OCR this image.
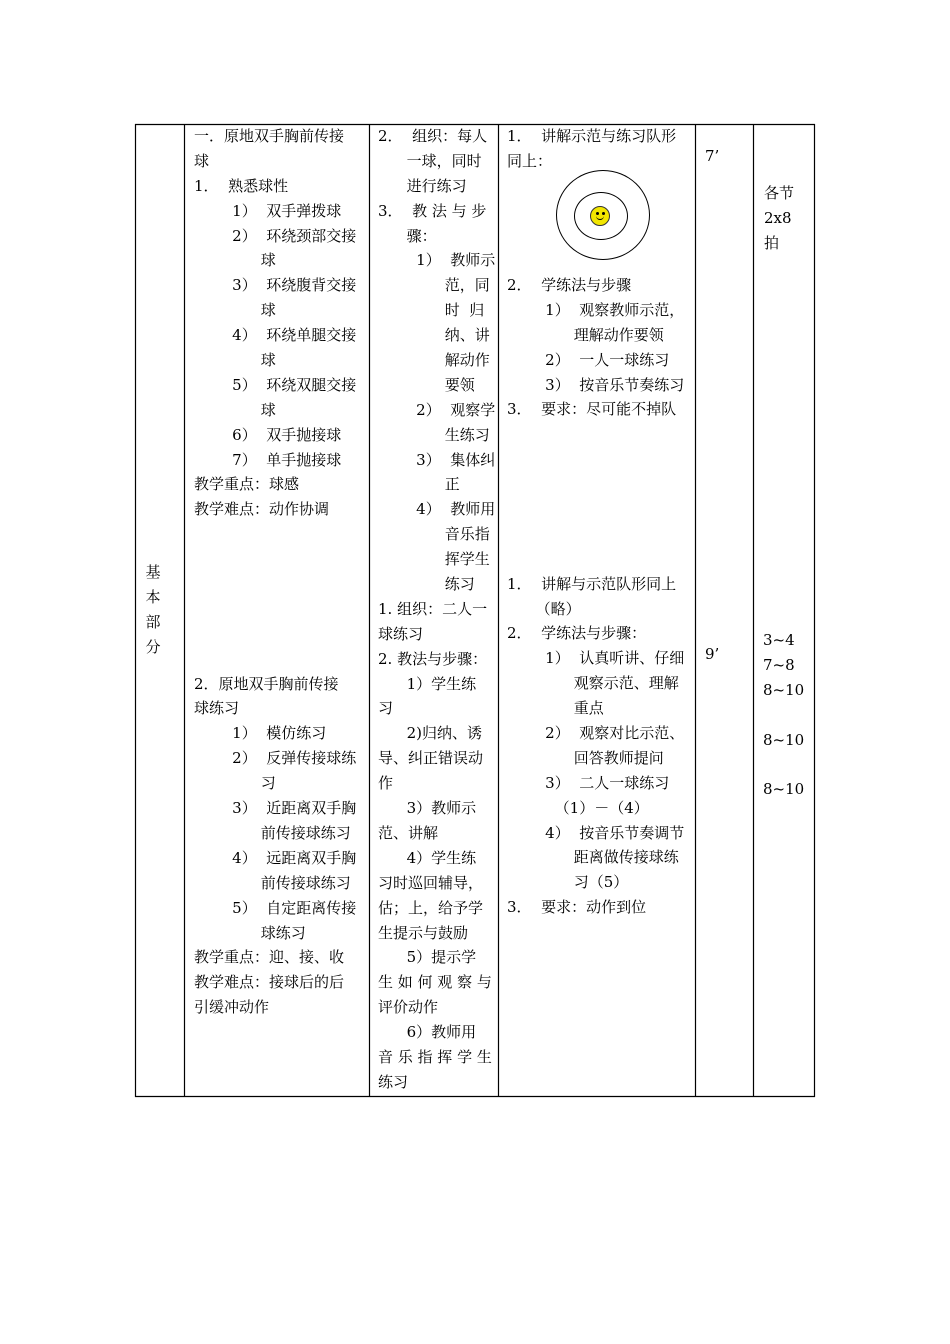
基
本
部
分
一．原地双手胸前传接
球
1．  熟悉球性
1）  双手弹拨球
2）  环绕颈部交接
球
3）  环绕腹背交接
球
4）  环绕单腿交接
球
5）  环绕双腿交接
球
6）  双手抛接球
7）  单手抛接球
教学重点：球感
教学难点：动作协调
2．原地双手胸前传接
球练习
1）  模仿练习
2）  反弹传接球练
习
3）  近距离双手胸
前传接球练习
4）  远距离双手胸
前传接球练习
5）  自定距离传接
球练习
教学重点：迎、接、收
教学难点：接球后的后
引缓冲动作
2．  组织：每人
一球，同时
进行练习
3．  教 法 与 步
骤：
1）  教师示
范，同
时  归
纳、讲
解动作
要领
2）  观察学
生练习
3）  集体纠
正
4）  教师用
音乐指
挥学生
练习
1. 组织：二人一
球练习
2. 教法与步骤：
1）学生练
习
2)归纳、诱
导、纠正错误动
作
3）教师示
范、讲解
4）学生练
习时巡回辅导，
估；上，给予学
生提示与鼓励
5）提示学
生 如 何 观 察 与
评价动作
6）教师用
音 乐 指 挥 学 生
练习
1．  讲解示范与练习队形
同上：
2．  学练法与步骤
1）  观察教师示范，
理解动作要领
2）  一人一球练习
3）  按音乐节奏练习
3．  要求：尽可能不掉队
1．  讲解与示范队形同上
（略）
2．  学练法与步骤：
1）  认真听讲、仔细
观察示范、理解
重点
2）  观察对比示范、
回答教师提问
3）  二人一球练习
（1）－（4）
4）  按音乐节奏调节
距离做传接球练
习（5）
3．  要求：动作到位
7’
9’
各节
2x8
拍
3~4
7~8
8~10
8~10
8~10
